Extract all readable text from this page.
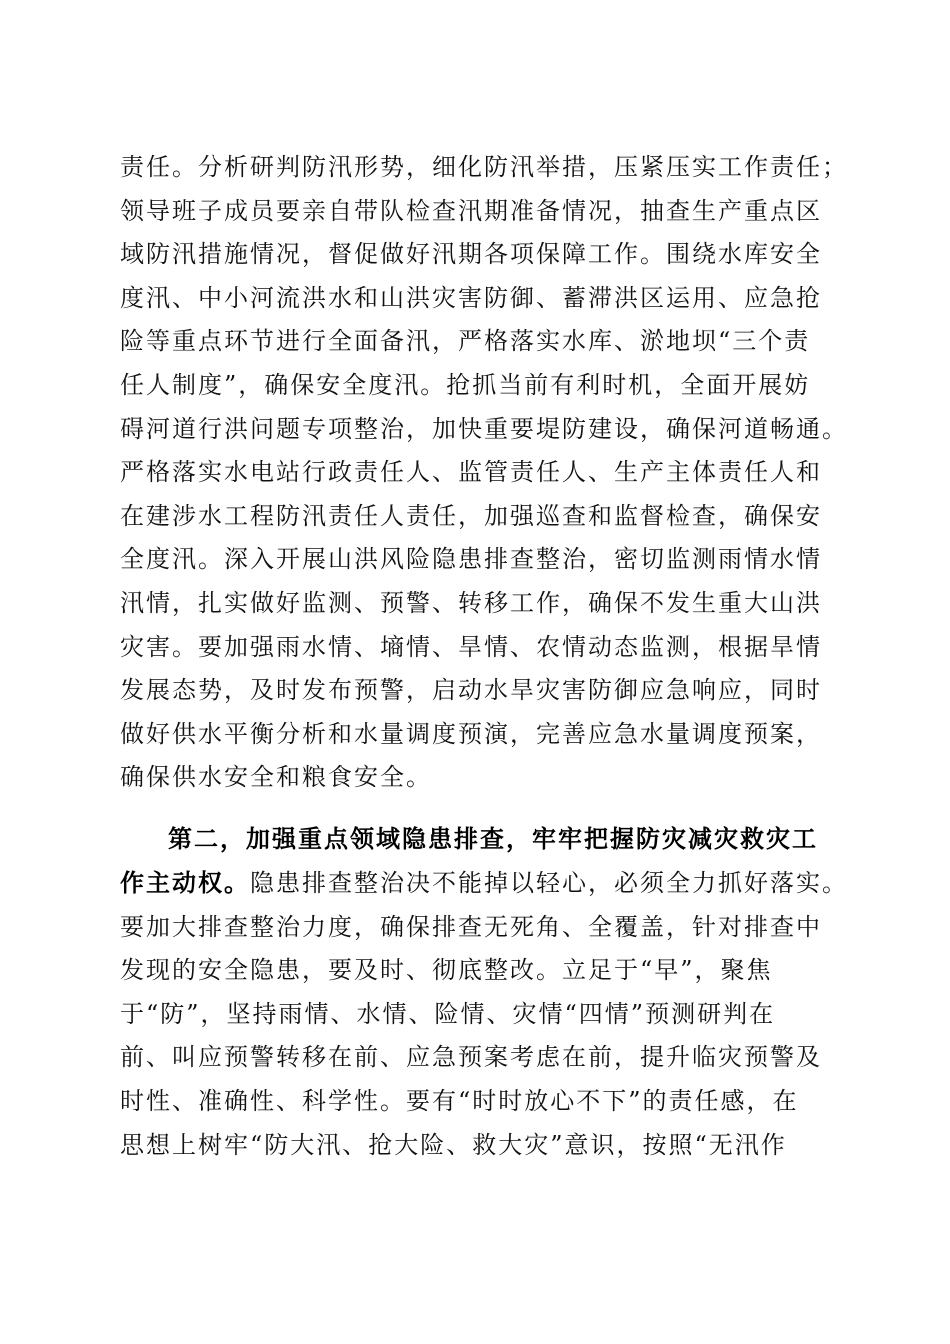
责任。分析研判防汛形势，细化防汛举措，压紧压实工作责任；
领导班子成员要亲自带队检查汛期准备情况，抽查生产重点区
域防汛措施情况，督促做好汛期各项保障工作。围绕水库安全
度汛、中小河流洪水和山洪灾害防御、蓄滞洪区运用、应急抢
险等重点环节进行全面备汛，严格落实水库、淤地坝“三个责
任人制度”，确保安全度汛。抢抓当前有利时机，全面开展妨
碍河道行洪问题专项整治，加快重要堤防建设，确保河道畅通。
严格落实水电站行政责任人、监管责任人、生产主体责任人和
在建涉水工程防汛责任人责任，加强巡查和监督检查，确保安
全度汛。深入开展山洪风险隐患排查整治，密切监测雨情水情
汛情，扎实做好监测、预警、转移工作，确保不发生重大山洪
灾害。要加强雨水情、墒情、旱情、农情动态监测，根据旱情
发展态势，及时发布预警，启动水旱灾害防御应急响应，同时
做好供水平衡分析和水量调度预演，完善应急水量调度预案，
确保供水安全和粮食安全。
第二，加强重点领域隐患排查，牢牢把握防灾减灾救灾工
作主动权。隐患排查整治决不能掉以轻心，必须全力抓好落实。
要加大排查整治力度，确保排查无死角、全覆盖，针对排查中
发现的安全隐患，要及时、彻底整改。立足于“早”，聚焦
于“防”，坚持雨情、水情、险情、灾情“四情”预测研判在
前、叫应预警转移在前、应急预案考虑在前，提升临灾预警及
时性、准确性、科学性。要有“时时放心不下”的责任感，在
思想上树牢“防大汛、抢大险、救大灾”意识，按照“无汛作
